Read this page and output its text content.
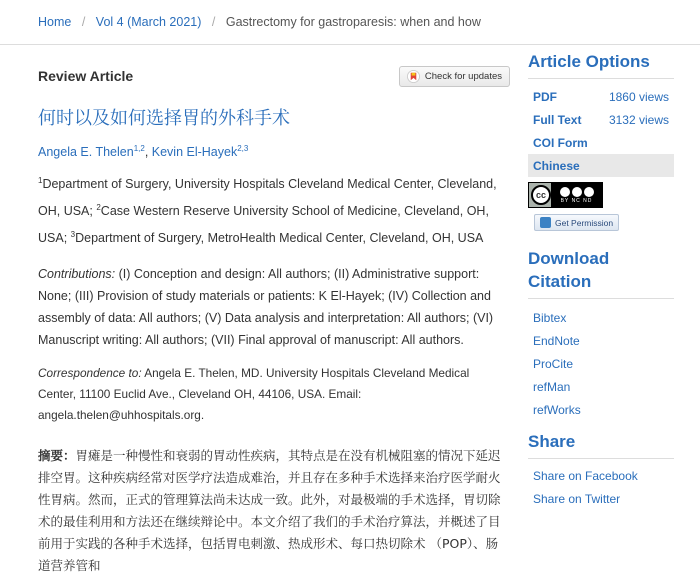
Home / Vol 4 (March 2021) / Gastrectomy for gastroparesis: when and how
Review Article	Check for updates
何时以及如何选择胃的外科手术
Angela E. Thelen$^{1,2}$, Kevin El-Hayek$^{2,3}$
$^1$Department of Surgery, University Hospitals Cleveland Medical Center, Cleveland, OH, USA; $^2$Case Western Reserve University School of Medicine, Cleveland, OH, USA; $^3$Department of Surgery, MetroHealth Medical Center, Cleveland, OH, USA
Contributions: (I) Conception and design: All authors; (II) Administrative support: None; (III) Provision of study materials or patients: K El-Hayek; (IV) Collection and assembly of data: All authors; (V) Data analysis and interpretation: All authors; (VI) Manuscript writing: All authors; (VII) Final approval of manuscript: All authors.
Correspondence to: Angela E. Thelen, MD. University Hospitals Cleveland Medical Center, 11100 Euclid Ave., Cleveland OH, 44106, USA. Email: angela.thelen@uhhospitals.org.
摘要：胃瘫是一种慢性和衰弱的胃动性疾病，其特点是在没有机械阻塞的情况下延迟排空胃。这种疾病经常对医学疗法造成难治，并且存在多种手术选择来治疗医学耐火性胃病。然而，正式的管理算法尚未达成一致。此外，对最极端的手术选择，胃切除术的最佳利用和方法还在继续辩论中。本文介绍了我们的手术治疗算法，并概述了目前用于实践的各种手术选择，包括胃电刺激、热成形术、每口热切除术 （POP）、肠道营养管和
Article Options
PDF	1860 views
Full Text 3132 views
COI Form
Chinese
cc
BY NC ND
Get Permission
Download Citation
Bibtex
EndNote
ProCite
refMan
refWorks
Share
Share on Facebook
Share on Twitter
